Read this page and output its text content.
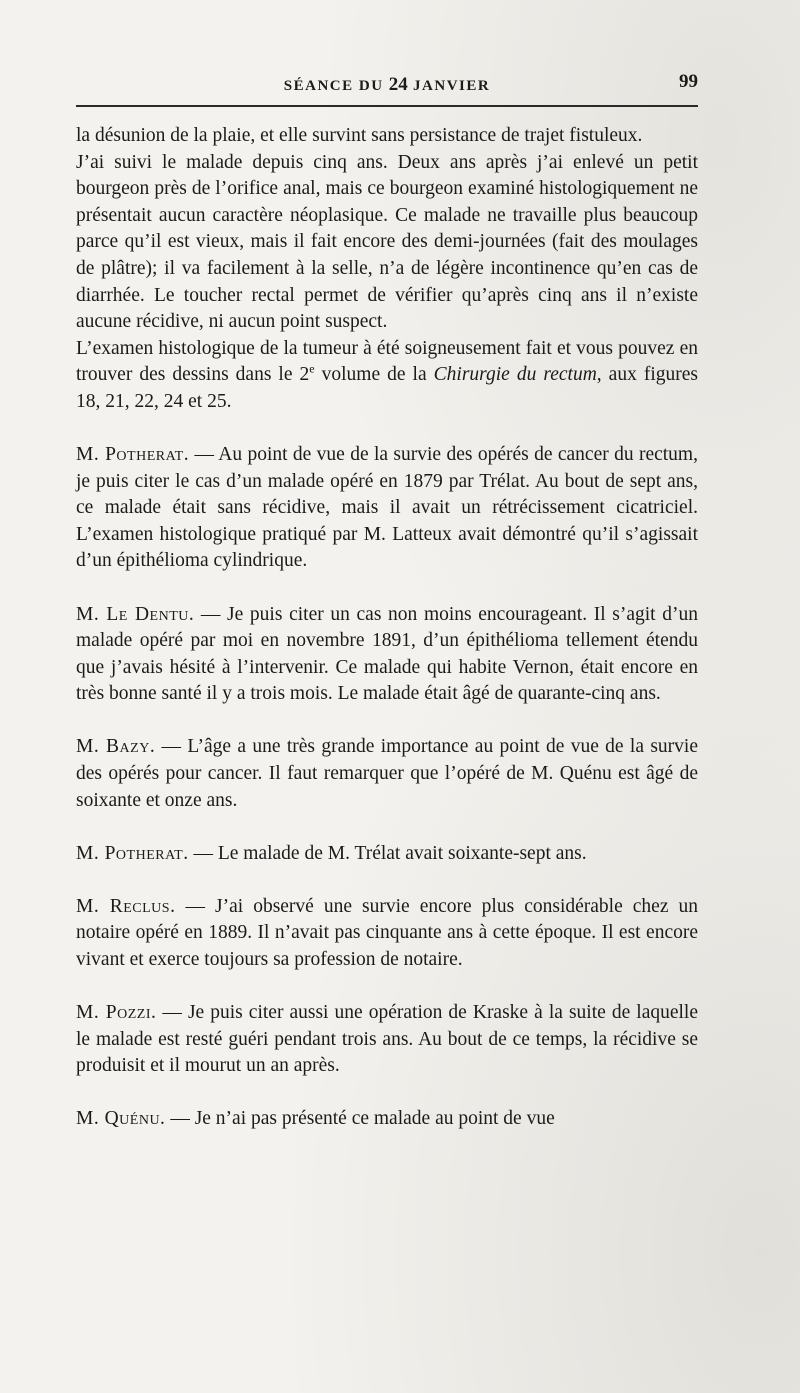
SÉANCE DU 24 JANVIER	99

la désunion de la plaie, et elle survint sans persistance de trajet fistuleux.

J’ai suivi le malade depuis cinq ans. Deux ans après j’ai enlevé un petit bourgeon près de l’orifice anal, mais ce bourgeon examiné histologiquement ne présentait aucun caractère néoplasique. Ce malade ne travaille plus beaucoup parce qu’il est vieux, mais il fait encore des demi-journées (fait des moulages de plâtre); il va facilement à la selle, n’a de légère incontinence qu’en cas de diarrhée. Le toucher rectal permet de vérifier qu’après cinq ans il n’existe aucune récidive, ni aucun point suspect.

L’examen histologique de la tumeur à été soigneusement fait et vous pouvez en trouver des dessins dans le 2e volume de la Chirurgie du rectum, aux figures 18, 21, 22, 24 et 25.

M. Potherat. — Au point de vue de la survie des opérés de cancer du rectum, je puis citer le cas d’un malade opéré en 1879 par Trélat. Au bout de sept ans, ce malade était sans récidive, mais il avait un rétrécissement cicatriciel. L’examen histologique pratiqué par M. Latteux avait démontré qu’il s’agissait d’un épithélioma cylindrique.

M. Le Dentu. — Je puis citer un cas non moins encourageant. Il s’agit d’un malade opéré par moi en novembre 1891, d’un épithélioma tellement étendu que j’avais hésité à l’intervenir. Ce malade qui habite Vernon, était encore en très bonne santé il y a trois mois. Le malade était âgé de quarante-cinq ans.

M. Bazy. — L’âge a une très grande importance au point de vue de la survie des opérés pour cancer. Il faut remarquer que l’opéré de M. Quénu est âgé de soixante et onze ans.

M. Potherat. — Le malade de M. Trélat avait soixante-sept ans.

M. Reclus. — J’ai observé une survie encore plus considérable chez un notaire opéré en 1889. Il n’avait pas cinquante ans à cette époque. Il est encore vivant et exerce toujours sa profession de notaire.

M. Pozzi. — Je puis citer aussi une opération de Kraske à la suite de laquelle le malade est resté guéri pendant trois ans. Au bout de ce temps, la récidive se produisit et il mourut un an après.

M. Quénu. — Je n’ai pas présenté ce malade au point de vue
